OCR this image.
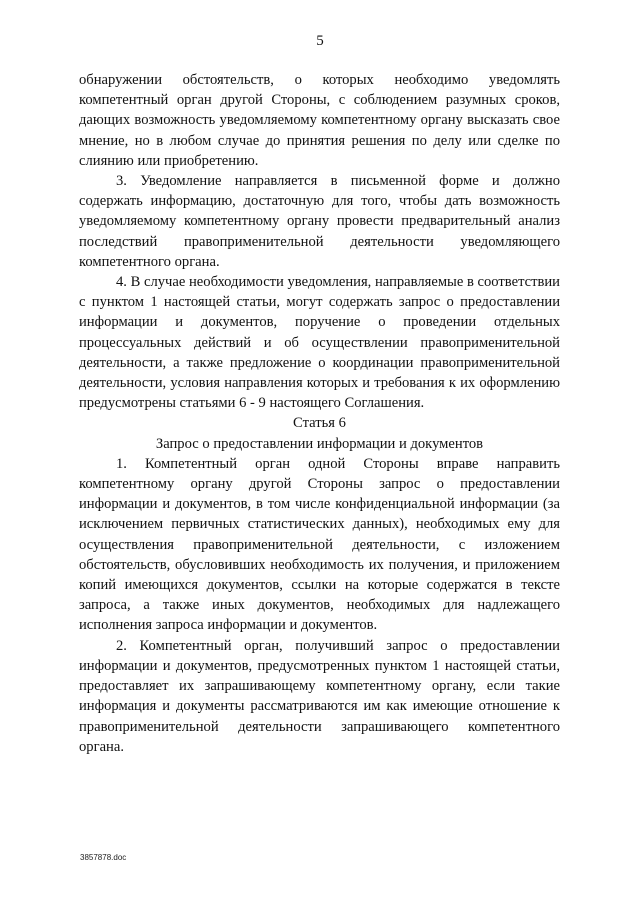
5

обнаружении обстоятельств, о которых необходимо уведомлять компетентный орган другой Стороны, с соблюдением разумных сроков, дающих возможность уведомляемому компетентному органу высказать свое мнение, но в любом случае до принятия решения по делу или сделке по слиянию или приобретению.

3. Уведомление направляется в письменной форме и должно содержать информацию, достаточную для того, чтобы дать возможность уведомляемому компетентному органу провести предварительный анализ последствий правоприменительной деятельности уведомляющего компетентного органа.

4. В случае необходимости уведомления, направляемые в соответствии с пунктом 1 настоящей статьи, могут содержать запрос о предоставлении информации и документов, поручение о проведении отдельных процессуальных действий и об осуществлении правоприменительной деятельности, а также предложение о координации правоприменительной деятельности, условия направления которых и требования к их оформлению предусмотрены статьями 6 - 9 настоящего Соглашения.

Статья 6

Запрос о предоставлении информации и документов

1. Компетентный орган одной Стороны вправе направить компетентному органу другой Стороны запрос о предоставлении информации и документов, в том числе конфиденциальной информации (за исключением первичных статистических данных), необходимых ему для осуществления правоприменительной деятельности, с изложением обстоятельств, обусловивших необходимость их получения, и приложением копий имеющихся документов, ссылки на которые содержатся в тексте запроса, а также иных документов, необходимых для надлежащего исполнения запроса информации и документов.

2. Компетентный орган, получивший запрос о предоставлении информации и документов, предусмотренных пунктом 1 настоящей статьи, предоставляет их запрашивающему компетентному органу, если такие информация и документы рассматриваются им как имеющие отношение к правоприменительной деятельности запрашивающего компетентного органа.

3857878.doc
